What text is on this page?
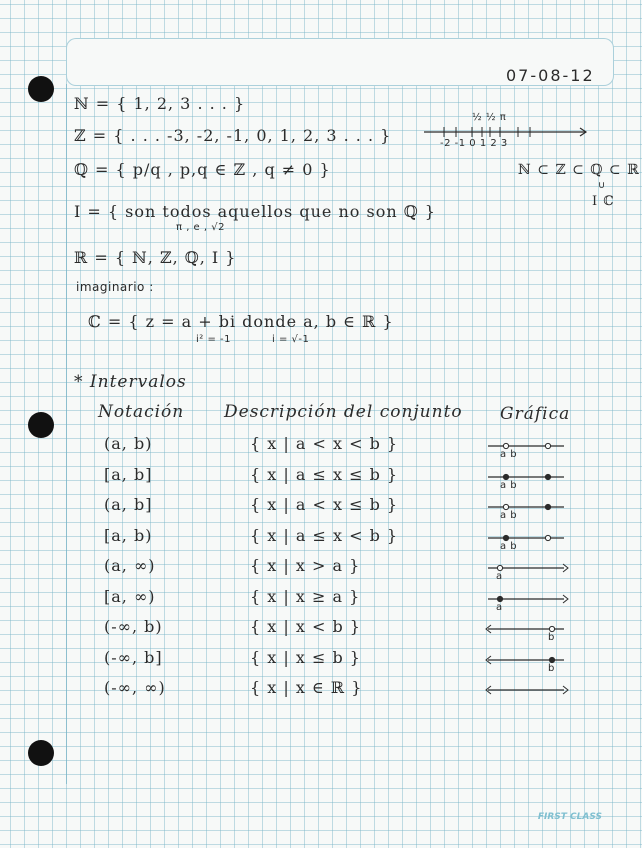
07-08-12
ℕ = { 1, 2, 3 . . . }
ℤ = { . . . -3, -2, -1, 0, 1, 2, 3 . . . }
ℚ = { p/q , p,q ∈ ℤ , q ≠ 0 }
I = { son todos aquellos que no son ℚ }
π , e , √2
ℝ = { ℕ, ℤ, ℚ, I }
imaginario :
ℂ = { z = a + bi donde a, b ∈ ℝ }
i² = -1	i = √-1
-2 -1 0 1 2 3
½ ½ π
ℕ ⊂ ℤ ⊂ ℚ ⊂ ℝ
∪
I ℂ
* Intervalos
Notación Descripción del conjunto Gráfica
(a, b)	{ x | a < x < b }
a b
[a, b]	{ x | a ≤ x ≤ b }
a b
(a, b]	{ x | a < x ≤ b }
a b
[a, b)	{ x | a ≤ x < b }
a b
(a, ∞)	{ x | x > a }
a
[a, ∞)	{ x | x ≥ a }
a
(-∞, b)	{ x | x < b }
b
(-∞, b]	{ x | x ≤ b }
b
(-∞, ∞)	{ x | x ∈ ℝ }
FIRST CLASS
